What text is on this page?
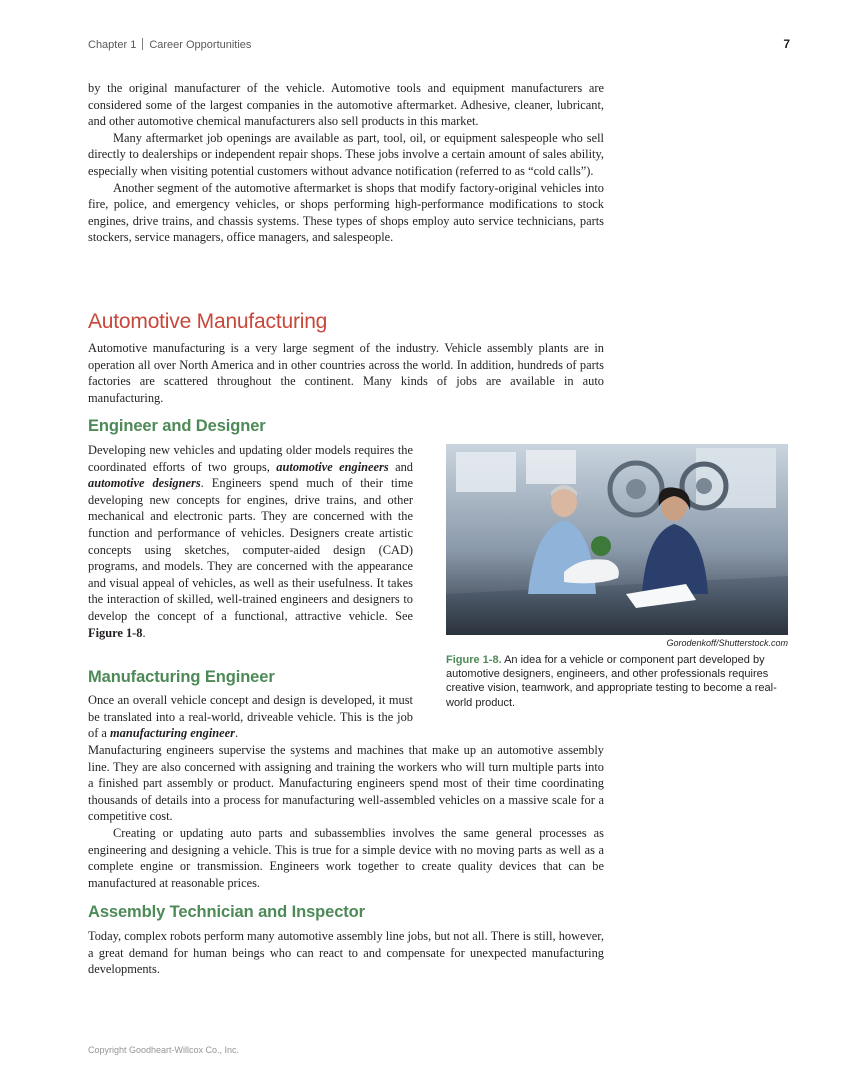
Chapter 1 Career Opportunities	7

by the original manufacturer of the vehicle. Automotive tools and equipment manufacturers are considered some of the largest companies in the automotive aftermarket. Adhesive, cleaner, lubricant, and other automotive chemical manufacturers also sell products in this market.

Many aftermarket job openings are available as part, tool, oil, or equipment salespeople who sell directly to dealerships or independent repair shops. These jobs involve a certain amount of sales ability, especially when visiting potential customers without advance notification (referred to as “cold calls”).

Another segment of the automotive aftermarket is shops that modify factory-original vehicles into fire, police, and emergency vehicles, or shops performing high-performance modifications to stock engines, drive trains, and chassis systems. These types of shops employ auto service technicians, parts stockers, service managers, office managers, and salespeople.

Automotive Manufacturing

Automotive manufacturing is a very large segment of the industry. Vehicle assembly plants are in operation all over North America and in other countries across the world. In addition, hundreds of parts factories are scattered throughout the continent. Many kinds of jobs are available in auto manufacturing.

Engineer and Designer

Developing new vehicles and updating older models requires the coordinated efforts of two groups, automotive engineers and automotive designers. Engineers spend much of their time developing new concepts for engines, drive trains, and other mechanical and electronic parts. They are concerned with the function and performance of vehicles. Designers create artistic concepts using sketches, computer-aided design (CAD) programs, and models. They are concerned with the appearance and visual appeal of vehicles, as well as their usefulness. It takes the interaction of skilled, well-trained engineers and designers to develop the concept of a functional, attractive vehicle. See Figure 1-8.

Manufacturing Engineer

Once an overall vehicle concept and design is developed, it must be translated into a real-world, driveable vehicle. This is the job of a manufacturing engineer.

Manufacturing engineers supervise the systems and machines that make up an automotive assembly line. They are also concerned with assigning and training the workers who will turn multiple parts into a finished part assembly or product. Manufacturing engineers spend most of their time coordinating thousands of details into a process for manufacturing well-assembled vehicles on a massive scale for a competitive cost.

Creating or updating auto parts and subassemblies involves the same general processes as engineering and designing a vehicle. This is true for a simple device with no moving parts as well as a complete engine or transmission. Engineers work together to create quality devices that can be manufactured at reasonable prices.

Assembly Technician and Inspector

Today, complex robots perform many automotive assembly line jobs, but not all. There is still, however, a great demand for human beings who can react to and compensate for unexpected manufacturing developments.

Gorodenkoff/Shutterstock.com
Figure 1-8. An idea for a vehicle or component part developed by automotive designers, engineers, and other professionals requires creative vision, teamwork, and appropriate testing to become a real-world product.
Copyright Goodheart-Willcox Co., Inc.
